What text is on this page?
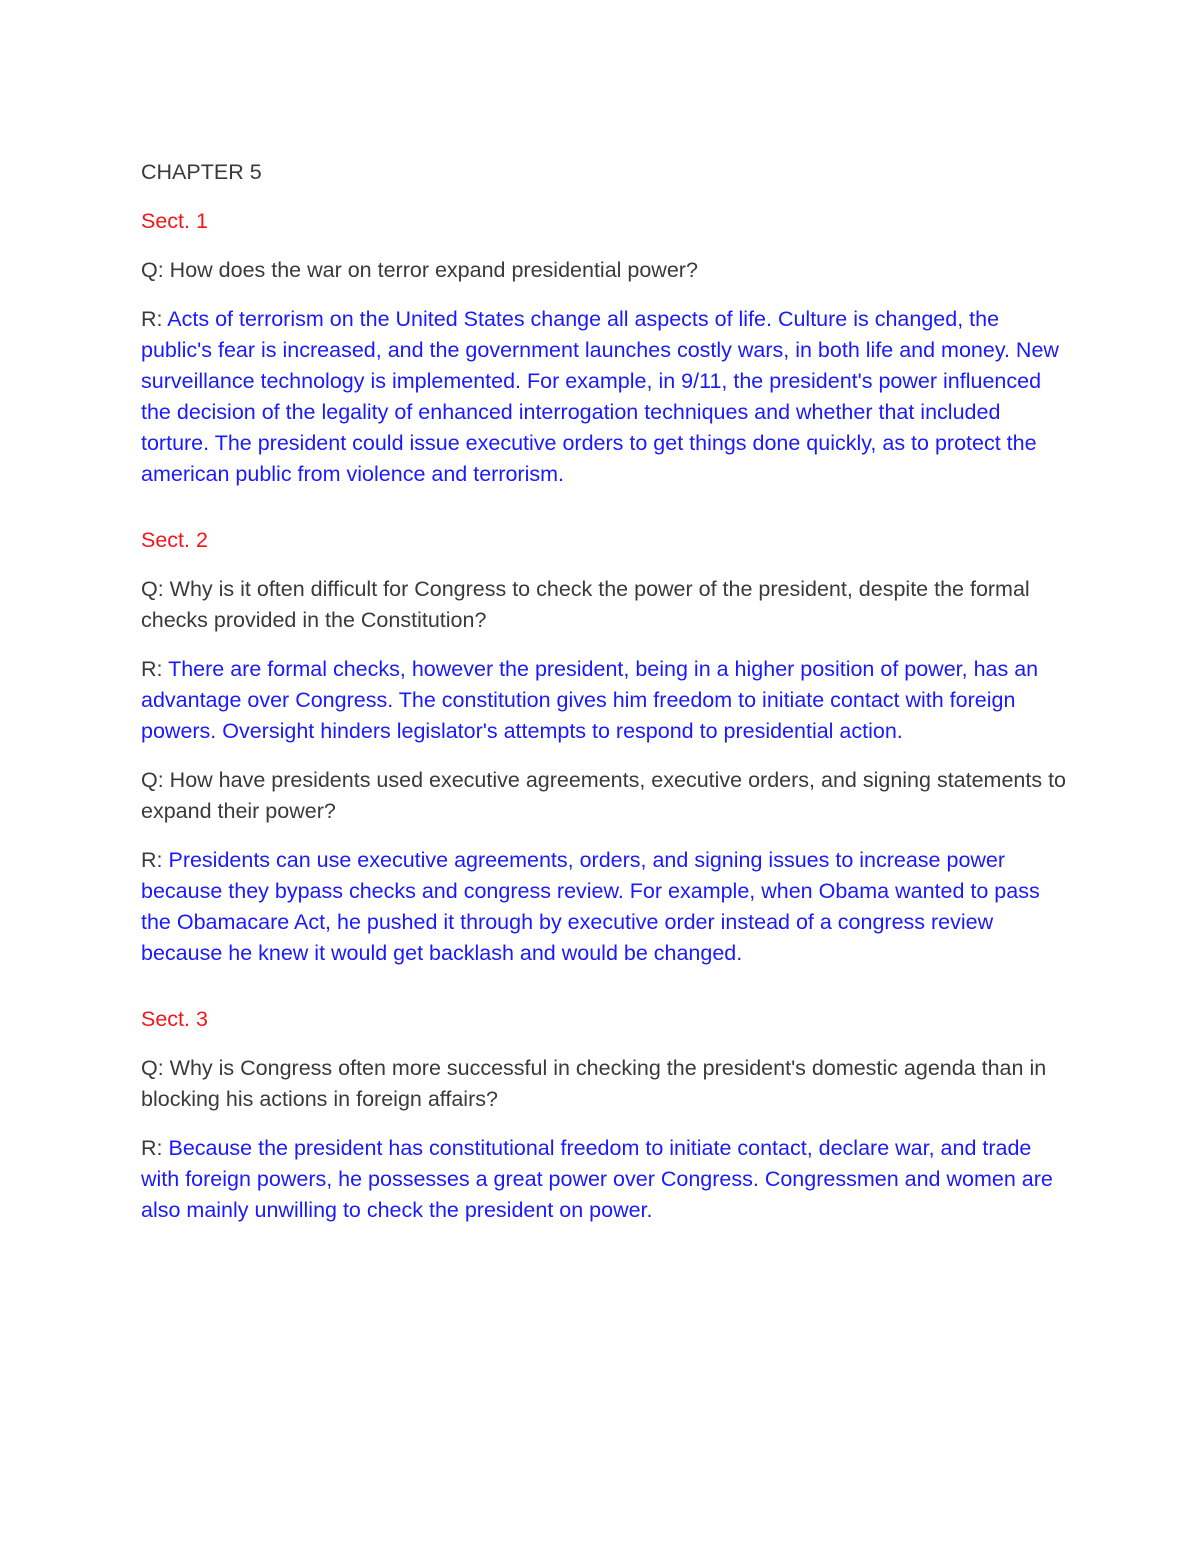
CHAPTER 5

Sect. 1

Q: How does the war on terror expand presidential power?

R: Acts of terrorism on the United States change all aspects of life. Culture is changed, the public's fear is increased, and the government launches costly wars, in both life and money. New surveillance technology is implemented. For example, in 9/11, the president's power influenced the decision of the legality of enhanced interrogation techniques and whether that included torture. The president could issue executive orders to get things done quickly, as to protect the american public from violence and terrorism.

Sect. 2

Q: Why is it often difficult for Congress to check the power of the president, despite the formal checks provided in the Constitution?

R: There are formal checks, however the president, being in a higher position of power, has an advantage over Congress. The constitution gives him freedom to initiate contact with foreign powers. Oversight hinders legislator's attempts to respond to presidential action.

Q: How have presidents used executive agreements, executive orders, and signing statements to expand their power?

R: Presidents can use executive agreements, orders, and signing issues to increase power because they bypass checks and congress review. For example, when Obama wanted to pass the Obamacare Act, he pushed it through by executive order instead of a congress review because he knew it would get backlash and would be changed.

Sect. 3

Q: Why is Congress often more successful in checking the president's domestic agenda than in blocking his actions in foreign affairs?

R: Because the president has constitutional freedom to initiate contact, declare war, and trade with foreign powers, he possesses a great power over Congress. Congressmen and women are also mainly unwilling to check the president on power.
